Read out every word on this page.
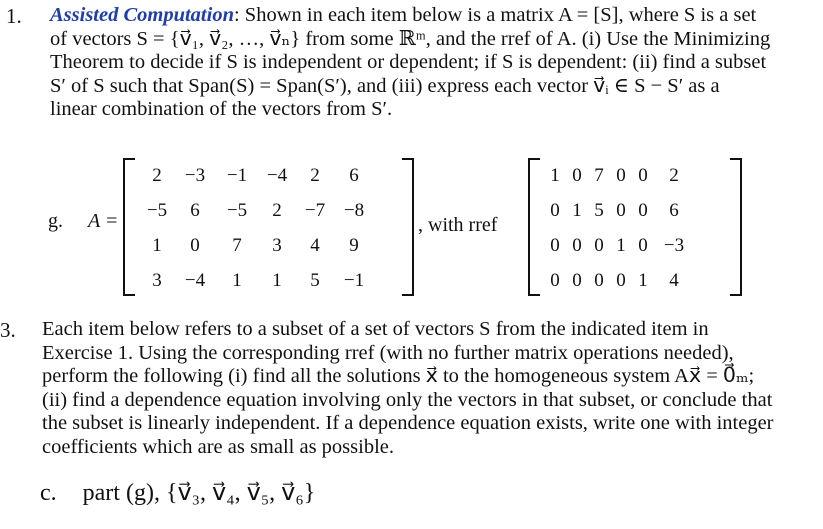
1. Assisted Computation: Shown in each item below is a matrix A = [S], where S is a set
of vectors S = {v⃗₁, v⃗₂, …, v⃗ₙ} from some ℝᵐ, and the rref of A. (i) Use the Minimizing
Theorem to decide if S is independent or dependent; if S is dependent: (ii) find a subset
S′ of S such that Span(S) = Span(S′), and (iii) express each vector v⃗ᵢ ∈ S − S′ as a
linear combination of the vectors from S′.
g. A =
2	−3	−1	−4	2	6
−5	6	−5	2	−7 −8
1	0	7	3	4	9
3	−4	1	1	5	−1
, with rref
1 0 7 0 0	2
0 1 5 0 0	6
0 0 0 1 0 −3
0 0 0 0 1	4
3. Each item below refers to a subset of a set of vectors S from the indicated item in
Exercise 1. Using the corresponding rref (with no further matrix operations needed),
perform the following (i) find all the solutions x⃗ to the homogeneous system Ax⃗ = 0⃗ₘ;
(ii) find a dependence equation involving only the vectors in that subset, or conclude that
the subset is linearly independent. If a dependence equation exists, write one with integer
coefficients which are as small as possible.
c. part (g), {v⃗₃, v⃗₄, v⃗₅, v⃗₆}
